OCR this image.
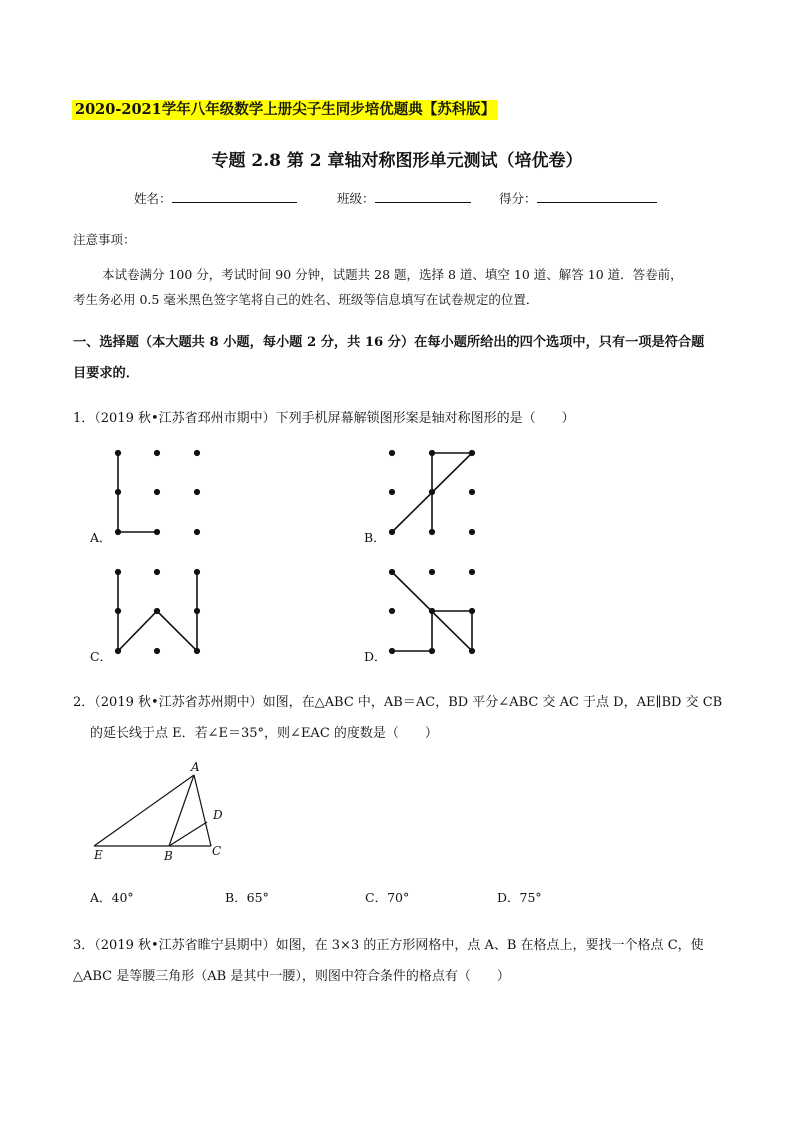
2020-2021学年八年级数学上册尖子生同步培优题典【苏科版】
专题 2.8 第 2 章轴对称图形单元测试（培优卷）
姓名：	班级：	得分：
注意事项：
本试卷满分 100 分，考试时间 90 分钟，试题共 28 题，选择 8 道、填空 10 道、解答 10 道．答卷前，
考生务必用 0.5 毫米黑色签字笔将自己的姓名、班级等信息填写在试卷规定的位置．
一、选择题（本大题共 8 小题，每小题 2 分，共 16 分）在每小题所给出的四个选项中，只有一项是符合题
目要求的．
1．（2019 秋•江苏省邳州市期中）下列手机屏幕解锁图形案是轴对称图形的是（　　）
A．	B．
C．	D．
2．（2019 秋•江苏省苏州期中）如图，在△ABC 中，AB＝AC，BD 平分∠ABC 交 AC 于点 D，AE∥BD 交 CB
的延长线于点 E．若∠E＝35°，则∠EAC 的度数是（　　）
A
D
E	B	C
A．40°	B．65°	C．70°	D．75°
3．（2019 秋•江苏省睢宁县期中）如图，在 3×3 的正方形网格中，点 A、B 在格点上，要找一个格点 C，使
△ABC 是等腰三角形（AB 是其中一腰），则图中符合条件的格点有（　　）
